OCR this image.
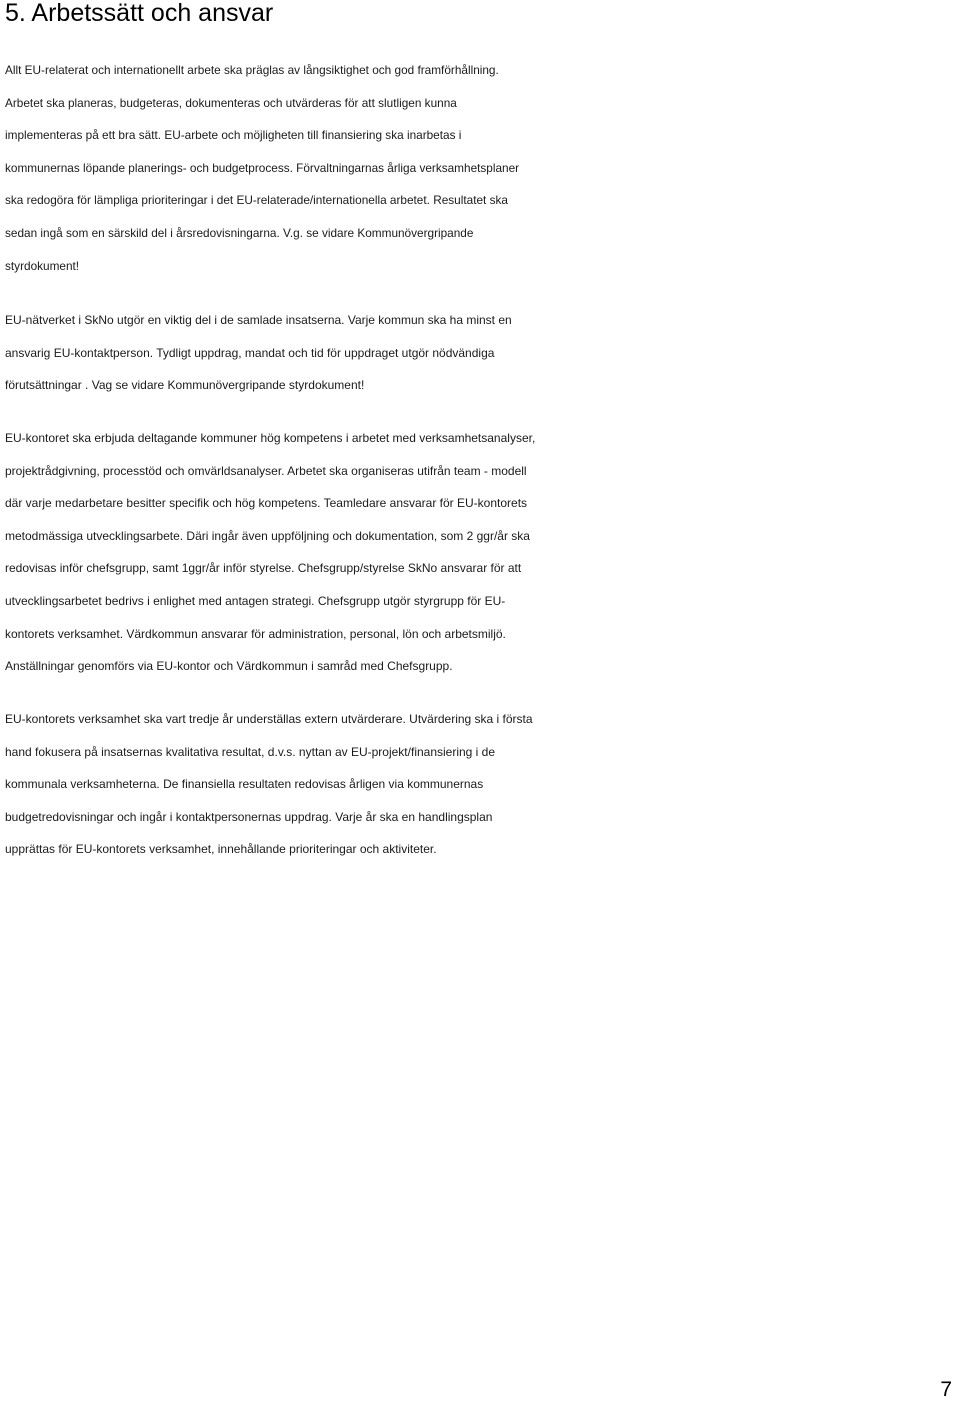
5. Arbetssätt och ansvar
Allt EU-relaterat och internationellt arbete ska präglas av långsiktighet och god framförhållning.
Arbetet ska planeras, budgeteras, dokumenteras och utvärderas för att slutligen kunna
implementeras på ett bra sätt. EU-arbete och möjligheten till finansiering ska inarbetas i
kommunernas löpande planerings- och budgetprocess. Förvaltningarnas årliga verksamhetsplaner
ska redogöra för lämpliga prioriteringar i det EU-relaterade/internationella arbetet. Resultatet ska
sedan ingå som en särskild del i årsredovisningarna. V.g. se vidare Kommunövergripande
styrdokument!
EU-nätverket i SkNo utgör en viktig del i de samlade insatserna. Varje kommun ska ha minst en
ansvarig EU-kontaktperson. Tydligt uppdrag, mandat och tid för uppdraget utgör nödvändiga
förutsättningar . Vag se vidare Kommunövergripande styrdokument!
EU-kontoret ska erbjuda deltagande kommuner hög kompetens i arbetet med verksamhetsanalyser,
projektrådgivning, processtöd och omvärldsanalyser. Arbetet ska organiseras utifrån team - modell
där varje medarbetare besitter specifik och hög kompetens. Teamledare ansvarar för EU-kontorets
metodmässiga utvecklingsarbete. Däri ingår även uppföljning och dokumentation, som 2 ggr/år ska
redovisas inför chefsgrupp, samt 1ggr/år inför styrelse. Chefsgrupp/styrelse SkNo ansvarar för att
utvecklingsarbetet bedrivs i enlighet med antagen strategi. Chefsgrupp utgör styrgrupp för EU-
kontorets verksamhet. Värdkommun ansvarar för administration, personal, lön och arbetsmiljö.
Anställningar genomförs via EU-kontor och Värdkommun i samråd med Chefsgrupp.
EU-kontorets verksamhet ska vart tredje år underställas extern utvärderare. Utvärdering ska i första
hand fokusera på insatsernas kvalitativa resultat, d.v.s. nyttan av EU-projekt/finansiering i de
kommunala verksamheterna. De finansiella resultaten redovisas årligen via kommunernas
budgetredovisningar och ingår i kontaktpersonernas uppdrag. Varje år ska en handlingsplan
upprättas för EU-kontorets verksamhet, innehållande prioriteringar och aktiviteter.
7
